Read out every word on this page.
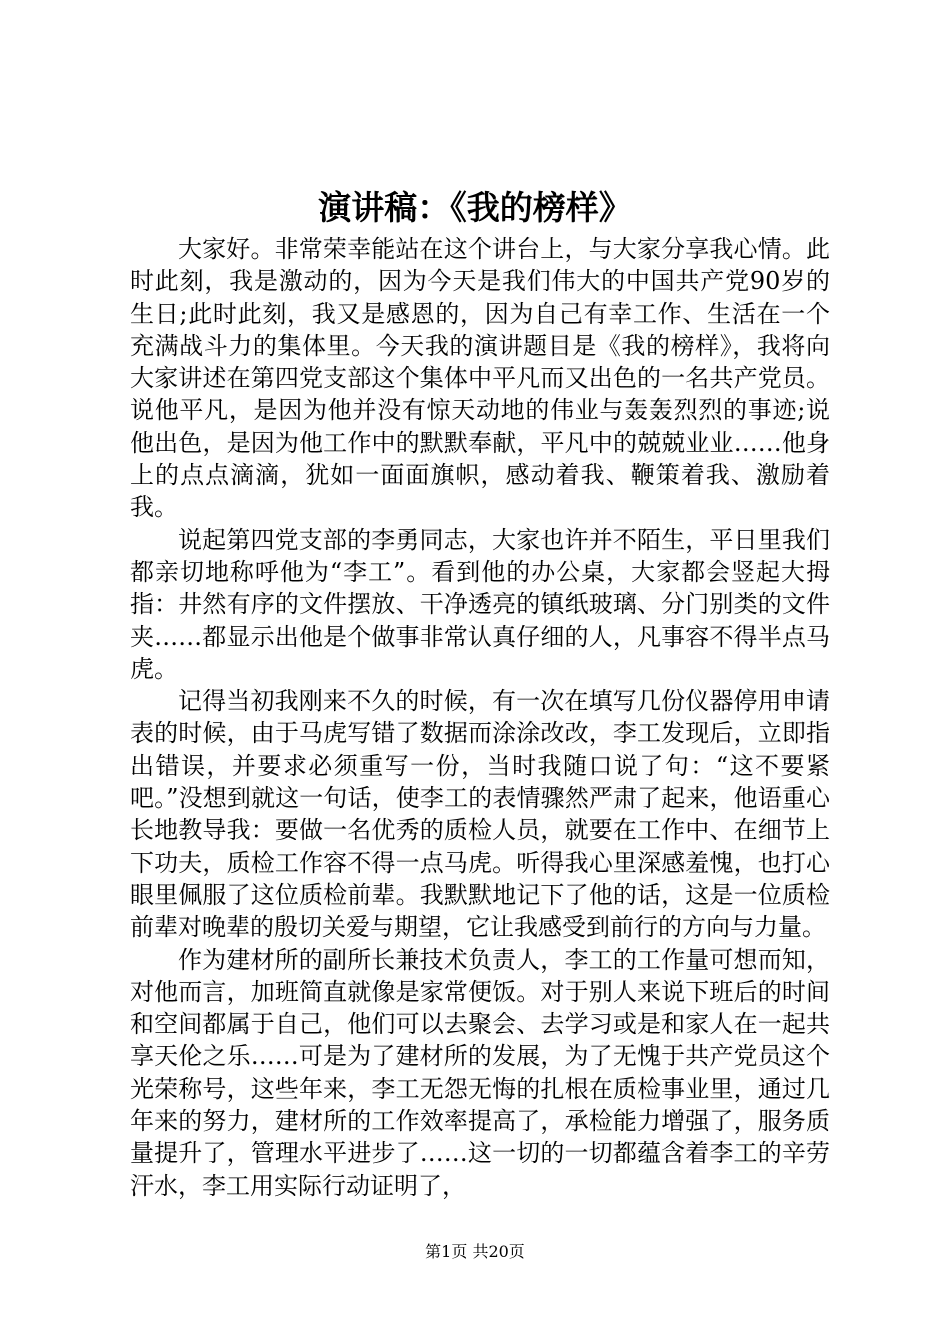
演讲稿：《我的榜样》

大家好。非常荣幸能站在这个讲台上，与大家分享我心情。此时此刻，我是激动的，因为今天是我们伟大的中国共产党90岁的生日;此时此刻，我又是感恩的，因为自己有幸工作、生活在一个充满战斗力的集体里。今天我的演讲题目是《我的榜样》，我将向大家讲述在第四党支部这个集体中平凡而又出色的一名共产党员。说他平凡，是因为他并没有惊天动地的伟业与轰轰烈烈的事迹;说他出色，是因为他工作中的默默奉献，平凡中的兢兢业业……他身上的点点滴滴，犹如一面面旗帜，感动着我、鞭策着我、激励着我。

说起第四党支部的李勇同志，大家也许并不陌生，平日里我们都亲切地称呼他为“李工”。看到他的办公桌，大家都会竖起大拇指：井然有序的文件摆放、干净透亮的镇纸玻璃、分门别类的文件夹……都显示出他是个做事非常认真仔细的人，凡事容不得半点马虎。

记得当初我刚来不久的时候，有一次在填写几份仪器停用申请表的时候，由于马虎写错了数据而涂涂改改，李工发现后，立即指出错误，并要求必须重写一份，当时我随口说了句：“这不要紧吧。”没想到就这一句话，使李工的表情骤然严肃了起来，他语重心长地教导我：要做一名优秀的质检人员，就要在工作中、在细节上下功夫，质检工作容不得一点马虎。听得我心里深感羞愧，也打心眼里佩服了这位质检前辈。我默默地记下了他的话，这是一位质检前辈对晚辈的殷切关爱与期望，它让我感受到前行的方向与力量。

作为建材所的副所长兼技术负责人，李工的工作量可想而知，对他而言，加班简直就像是家常便饭。对于别人来说下班后的时间和空间都属于自己，他们可以去聚会、去学习或是和家人在一起共享天伦之乐……可是为了建材所的发展，为了无愧于共产党员这个光荣称号，这些年来，李工无怨无悔的扎根在质检事业里，通过几年来的努力，建材所的工作效率提高了，承检能力增强了，服务质量提升了，管理水平进步了……这一切的一切都蕴含着李工的辛劳汗水，李工用实际行动证明了，

第1页 共20页
